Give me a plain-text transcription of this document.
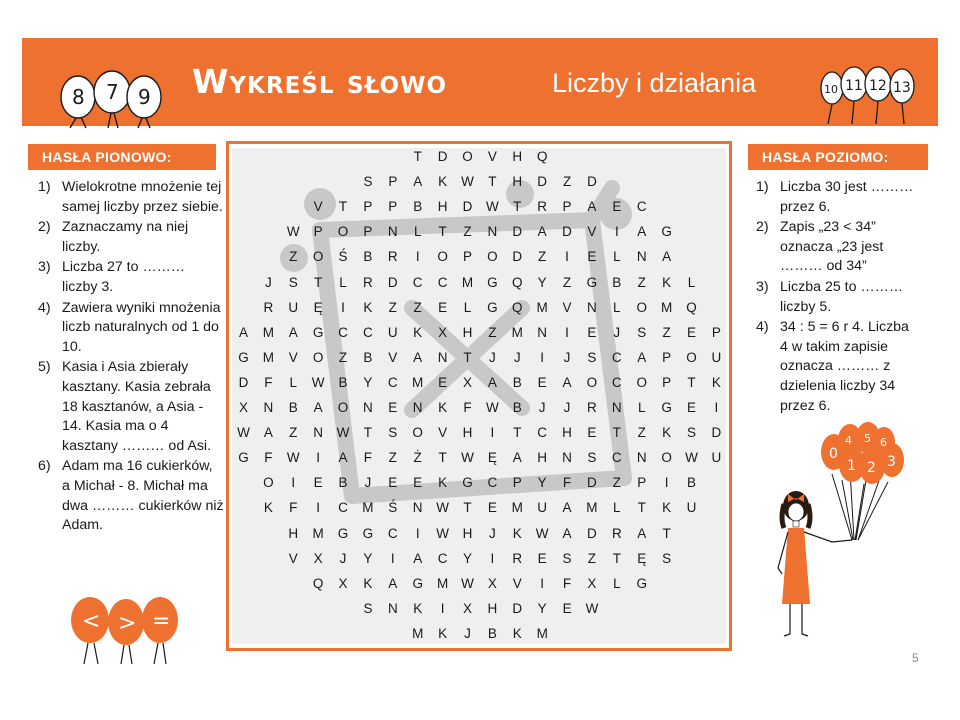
8 7 9 Wykreśl słowo	Liczby i działania	10 11 12 13
HASŁA PIONOWO:
1) Wielokrotne mnożenie tej samej liczby przez siebie.
2) Zaznaczamy na niej liczby.
3) Liczba 27 to ……… liczby 3.
4) Zawiera wyniki mnożenia liczb naturalnych od 1 do 10.
5) Kasia i Asia zbierały kasztany. Kasia zebrała 18 kasztanów, a Asia - 14. Kasia ma o 4 kasztany ……… od Asi.
6) Adam ma 16 cukierków, a Michał - 8. Michał ma dwa ……… cukierków niż Adam.
< > =
T D O V H Q
S P A K W T H D Z D
V T P P B H D W T R P A E C
W P O P N L T Z N D A D V I A G
Z O Ś B R I O P O D Z I E L N A
J S T L R D C C M G Q Y Z G B Z K L
R U Ę I K Z Z E L G Q M V N L O M Q
A M A G C C U K X H Z M N I E J S Z E P
G M V O Z B V A N T J J I J S C A P O U
D F L W B Y C M E X A B E A O C O P T K
X N B A O N E N K F W B J J R N L G E I
W A Z N W T S O V H I T C H E T Z K S D
G F W I A F Z Ż T W Ę A H N S C N O W U
O I E B J E E K G C P Y F D Z P I B
K F I C M Ś N W T E M U A M L T K U
H M G G C I W H J K W A D R A T
V X J Y I A C Y I R E S Z T Ę S
Q X K A G M W X V I F X L G
S N K I X H D Y E W
M K J B K M
HASŁA POZIOMO:
1) Liczba 30 jest ……… przez 6.
2) Zapis „23 < 34” oznacza „23 jest ……… od 34”
3) Liczba 25 to ……… liczby 5.
4) 34 : 5 = 6 r 4. Liczba 4 w takim zapisie oznacza ……… z dzielenia liczby 34 przez 6.
0
1 2 3
4 5 6
5
